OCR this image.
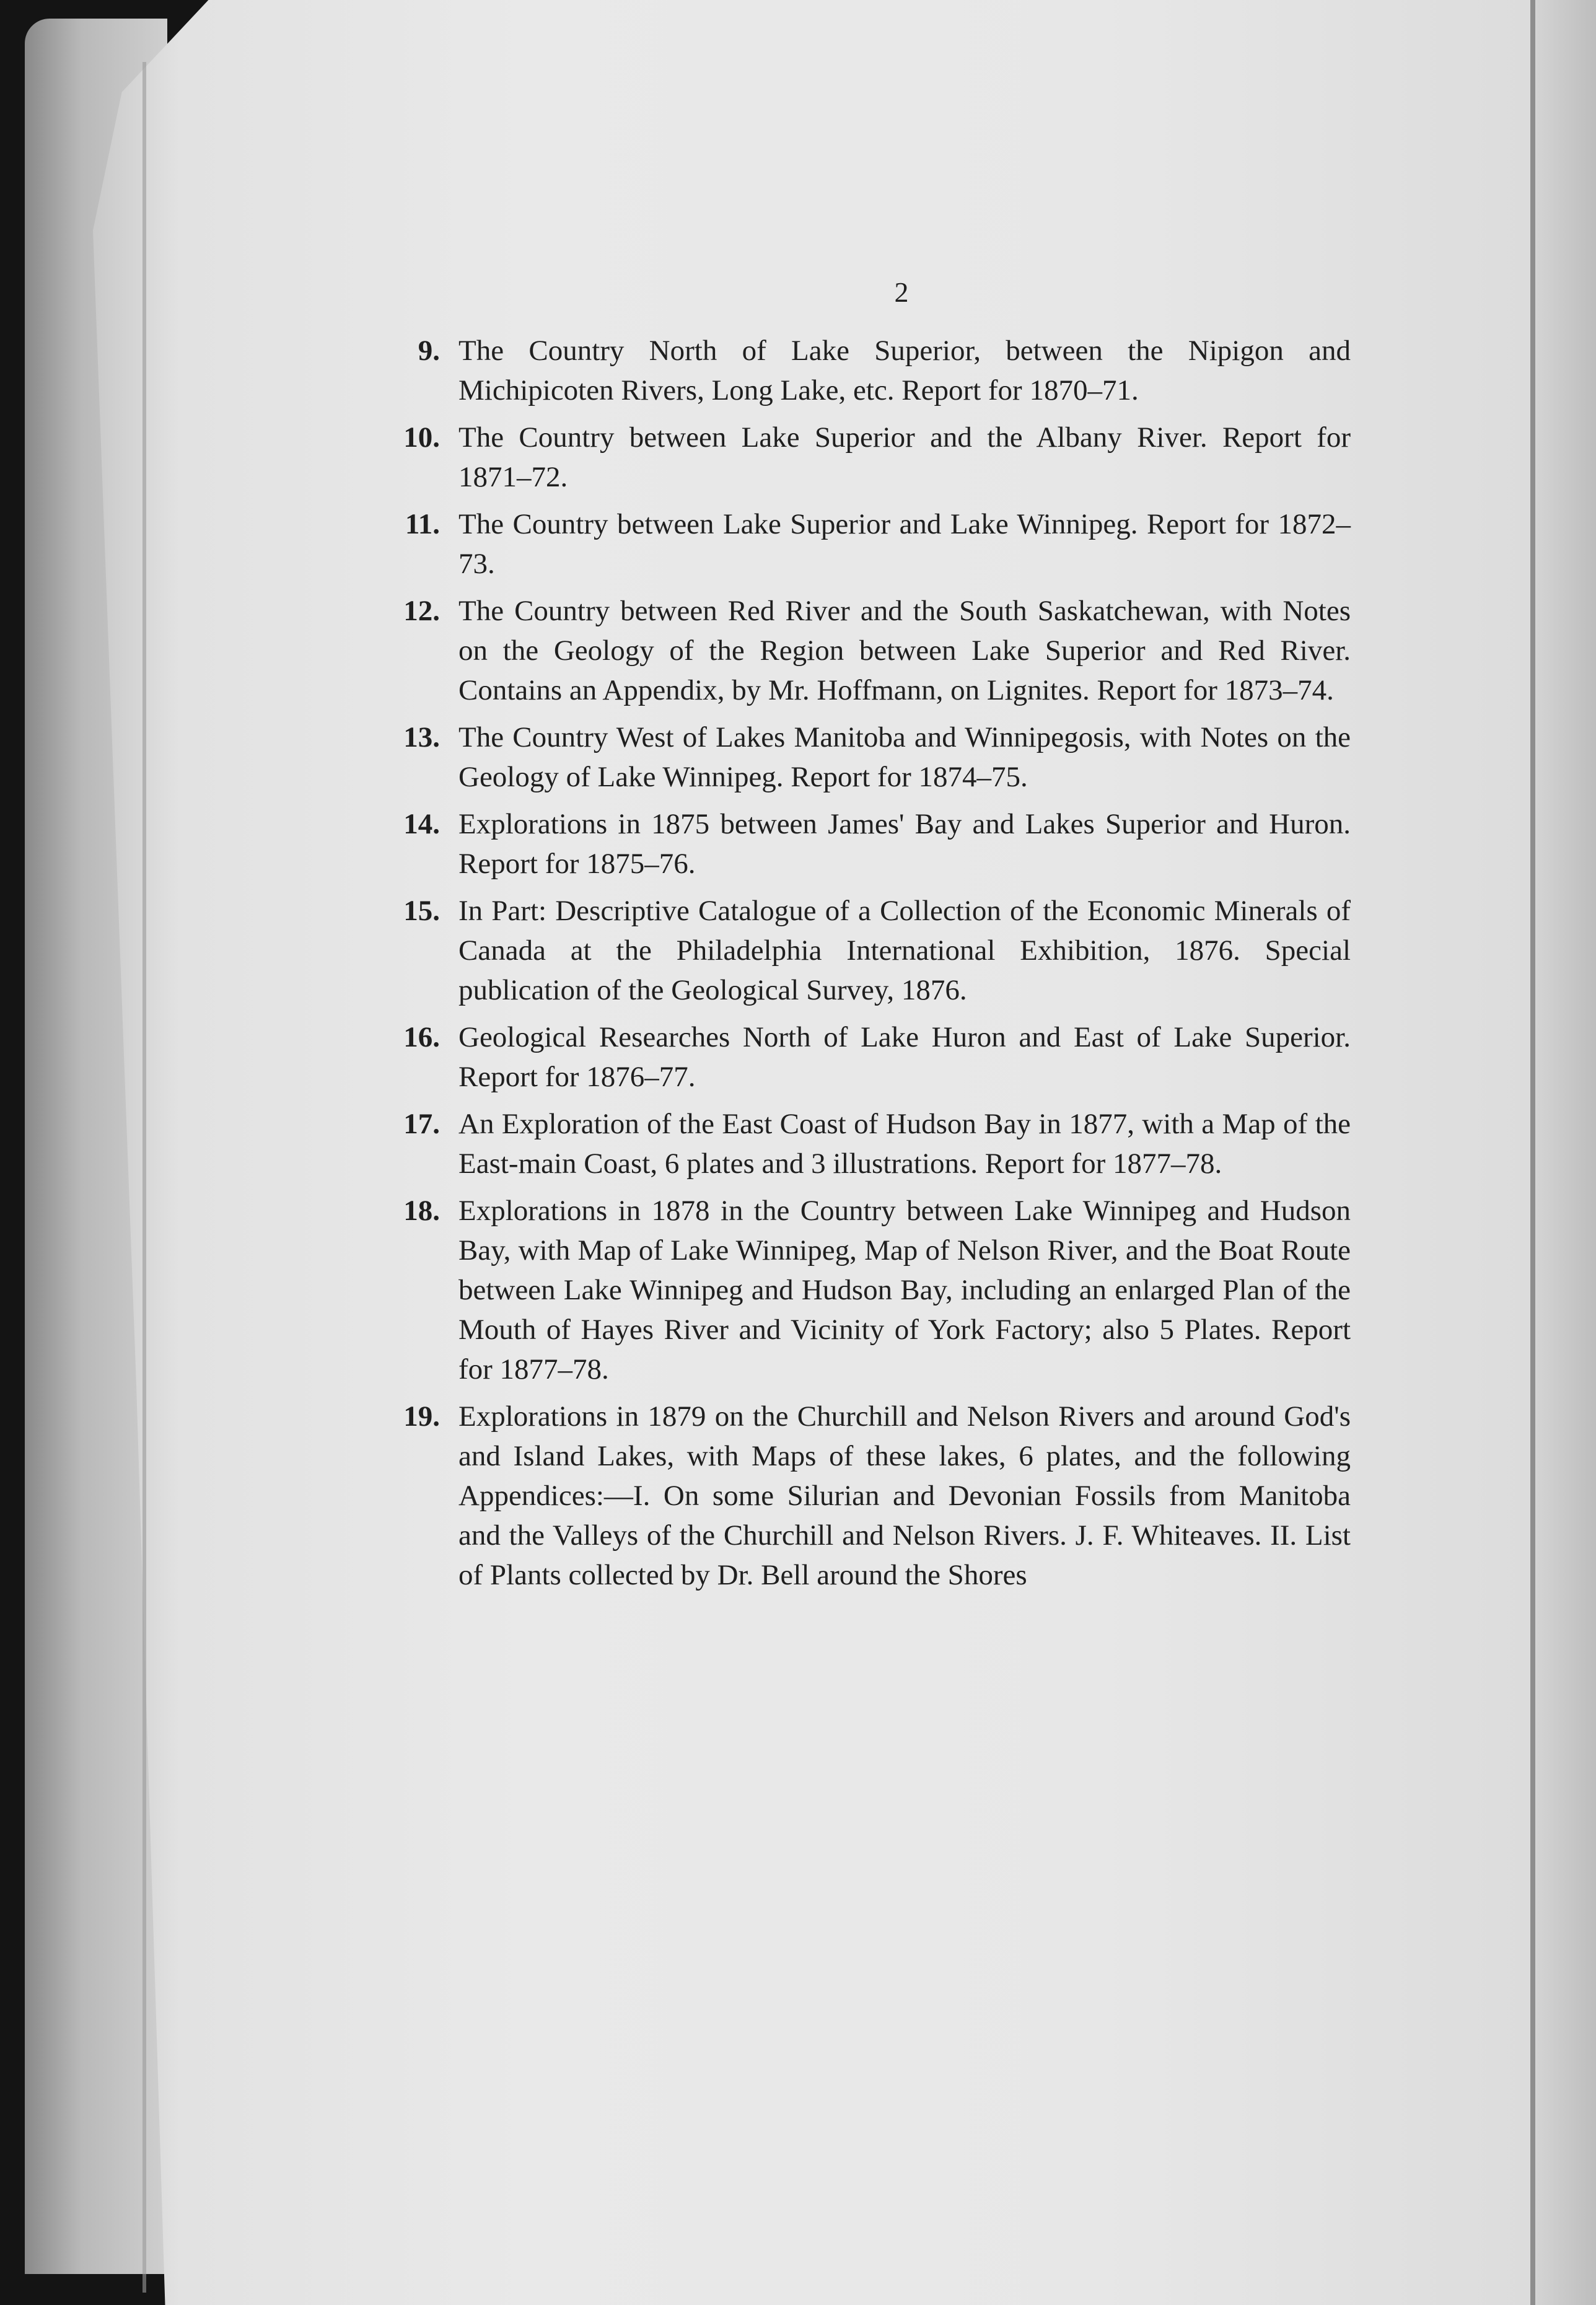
2
9. The Country North of Lake Superior, between the Nipigon and Michipicoten Rivers, Long Lake, etc. Report for 1870–71.
10. The Country between Lake Superior and the Albany River. Report for 1871–72.
11. The Country between Lake Superior and Lake Winnipeg. Report for 1872–73.
12. The Country between Red River and the South Saskatchewan, with Notes on the Geology of the Region between Lake Superior and Red River. Contains an Appendix, by Mr. Hoffmann, on Lignites. Report for 1873–74.
13. The Country West of Lakes Manitoba and Winnipegosis, with Notes on the Geology of Lake Winnipeg. Report for 1874–75.
14. Explorations in 1875 between James' Bay and Lakes Superior and Huron. Report for 1875–76.
15. In Part: Descriptive Catalogue of a Collection of the Economic Minerals of Canada at the Philadelphia International Exhibition, 1876. Special publication of the Geological Survey, 1876.
16. Geological Researches North of Lake Huron and East of Lake Superior. Report for 1876–77.
17. An Exploration of the East Coast of Hudson Bay in 1877, with a Map of the East-main Coast, 6 plates and 3 illustrations. Report for 1877–78.
18. Explorations in 1878 in the Country between Lake Winnipeg and Hudson Bay, with Map of Lake Winnipeg, Map of Nelson River, and the Boat Route between Lake Winnipeg and Hudson Bay, including an enlarged Plan of the Mouth of Hayes River and Vicinity of York Factory; also 5 Plates. Report for 1877–78.
19. Explorations in 1879 on the Churchill and Nelson Rivers and around God's and Island Lakes, with Maps of these lakes, 6 plates, and the following Appendices:—I. On some Silurian and Devonian Fossils from Manitoba and the Valleys of the Churchill and Nelson Rivers. J. F. Whiteaves. II. List of Plants collected by Dr. Bell around the Shores
